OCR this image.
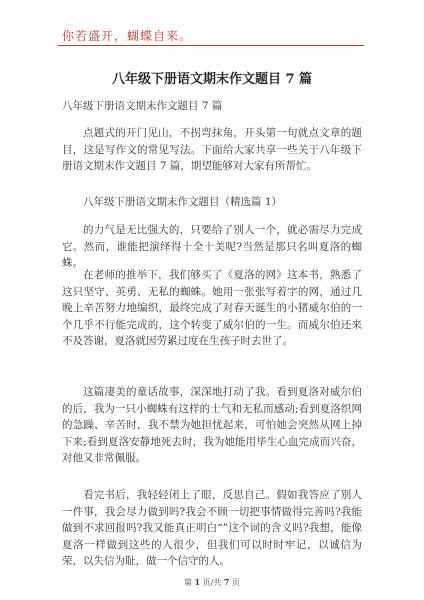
你若盛开，蝴蝶自来。
八年级下册语文期末作文题目 7 篇
八年级下册语文期末作文题目 7 篇
点题式的开门见山，不拐弯抹角，开头第一句就点文章的题目，这是写作文的常见写法。下面给大家共享一些关于八年级下册语文期末作文题目 7 篇，期望能够对大家有所帮忙。
八年级下册语文期末作文题目（精选篇 1）
的力气是无比强大的，只要给了别人一个，就必需尽力完成它。然而，谁能把演绎得十全十美呢?当然是那只名叫夏洛的蜘蛛。
在老师的推举下，我们够买了《夏洛的网》这本书，熟悉了这只坚守、英勇、无私的蜘蛛。她用一张张写着字的网，通过几晚上辛苦努力地编织，最终完成了对春天诞生的小猪威尔伯的一个几乎不行能完成的，这个转变了威尔伯的一生。而威尔伯还来不及答谢，夏洛就因劳累过度在生孩子时去世了。
这篇凄美的童话故事，深深地打动了我。看到夏洛对威尔伯的后，我为一只小蜘蛛有这样的士气和无私而感动;看到夏洛织网的急躁、辛苦时，我不禁为她担忧起来，可怕她会突然从网上掉下来;看到夏洛安静地死去时，我为她能用毕生心血完成而兴奋，对他又非常佩服。
看完书后，我轻轻闭上了眼，反思自己。假如我答应了别人一件事，我会尽力做到吗?我会不顾一切把事情做得完善吗?我能做到不求回报吗?我又能真正明白“”这个词的含义吗?我想，能像夏洛一样做到这些的人很少，但我们可以时时牢记，以诚信为荣，以失信为耻，做一个信守的人。
第 1 页/共 7 页
